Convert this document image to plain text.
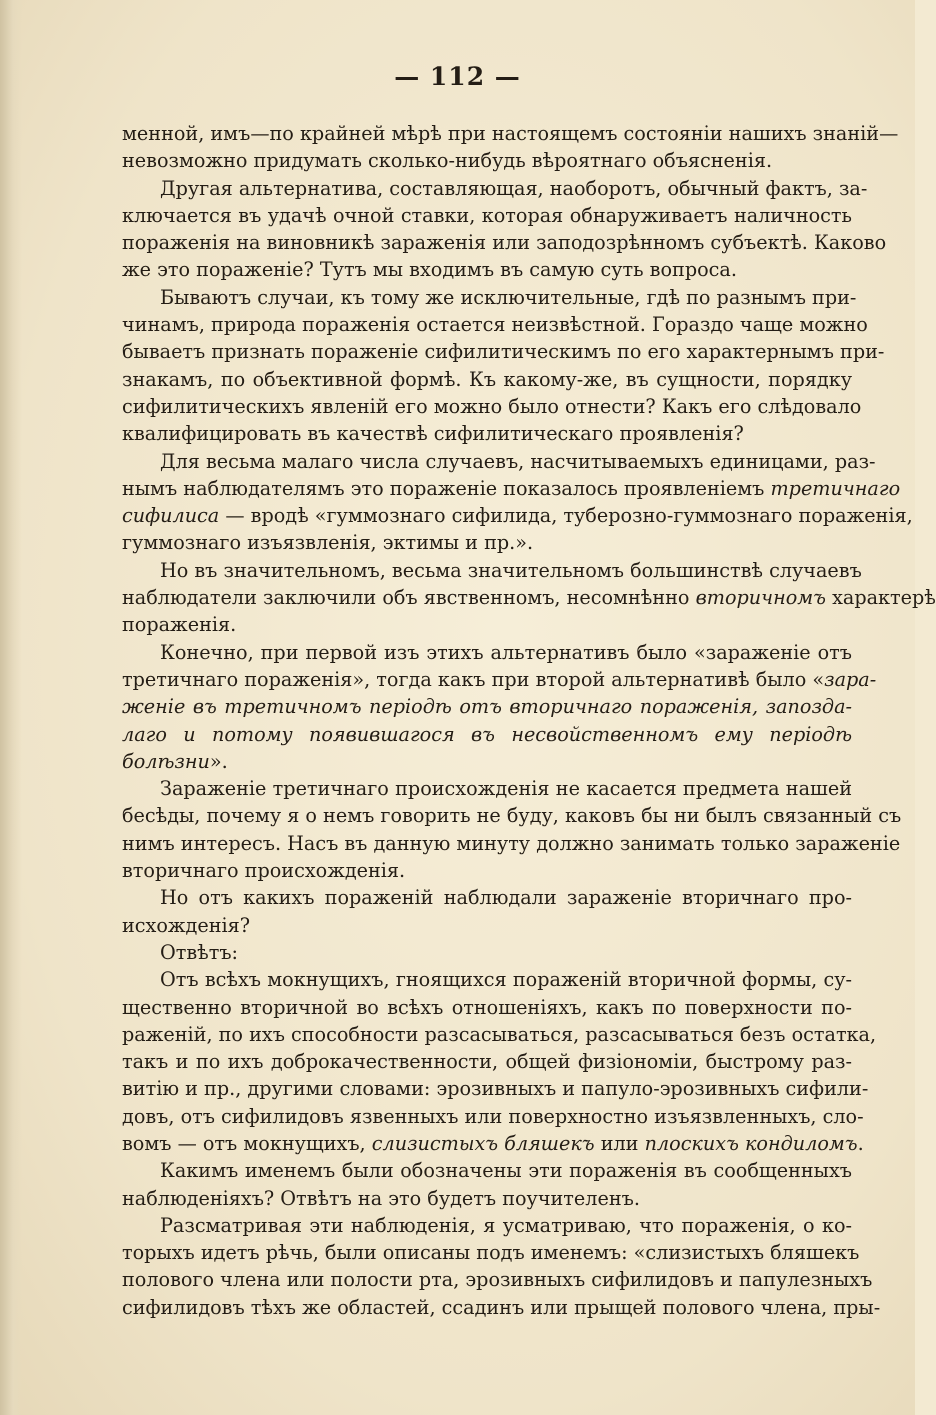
— 112 —
менной, имъ—по крайней мѣрѣ при настоящемъ состояніи нашихъ знаній—
невозможно придумать сколько-нибудь вѣроятнаго объясненія.
Другая альтернатива, составляющая, наоборотъ, обычный фактъ, за-
ключается въ удачѣ очной ставки, которая обнаруживаетъ наличность
пораженія на виновникѣ зараженія или заподозрѣнномъ субъектѣ. Каково
же это пораженіе? Тутъ мы входимъ въ самую суть вопроса.
Бываютъ случаи, къ тому же исключительные, гдѣ по разнымъ при-
чинамъ, природа пораженія остается неизвѣстной. Гораздо чаще можно
бываетъ признать пораженіе сифилитическимъ по его характернымъ при-
знакамъ, по объективной формѣ. Къ какому-же, въ сущности, порядку
сифилитическихъ явленій его можно было отнести? Какъ его слѣдовало
квалифицировать въ качествѣ сифилитическаго проявленія?
Для весьма малаго числа случаевъ, насчитываемыхъ единицами, раз-
нымъ наблюдателямъ это пораженіе показалось проявленіемъ третичнаго
сифилиса — вродѣ «гуммознаго сифилида, туберозно-гуммознаго пораженія,
гуммознаго изъязвленія, эктимы и пр.».
Но въ значительномъ, весьма значительномъ большинствѣ случаевъ
наблюдатели заключили объ явственномъ, несомнѣнно вторичномъ характерѣ
пораженія.
Конечно, при первой изъ этихъ альтернативъ было «зараженіе отъ
третичнаго пораженія», тогда какъ при второй альтернативѣ было «зара-
женіе въ третичномъ періодѣ отъ вторичнаго пораженія, запозда-
лаго и потому появившагося въ несвойственномъ ему періодѣ
болѣзни».
Зараженіе третичнаго происхожденія не касается предмета нашей
бесѣды, почему я о немъ говорить не буду, каковъ бы ни былъ связанный съ
нимъ интересъ. Насъ въ данную минуту должно занимать только зараженіе
вторичнаго происхожденія.
Но отъ какихъ пораженій наблюдали зараженіе вторичнаго про-
исхожденія?
Отвѣтъ:
Отъ всѣхъ мокнущихъ, гноящихся пораженій вторичной формы, су-
щественно вторичной во всѣхъ отношеніяхъ, какъ по поверхности по-
раженій, по ихъ способности разсасываться, разсасываться безъ остатка,
такъ и по ихъ доброкачественности, общей физіономіи, быстрому раз-
витію и пр., другими словами: эрозивныхъ и папуло-эрозивныхъ сифили-
довъ, отъ сифилидовъ язвенныхъ или поверхностно изъязвленныхъ, сло-
вомъ — отъ мокнущихъ, слизистыхъ бляшекъ или плоскихъ кондиломъ.
Какимъ именемъ были обозначены эти пораженія въ сообщенныхъ
наблюденіяхъ? Отвѣтъ на это будетъ поучителенъ.
Разсматривая эти наблюденія, я усматриваю, что пораженія, о ко-
торыхъ идетъ рѣчь, были описаны подъ именемъ: «слизистыхъ бляшекъ
полового члена или полости рта, эрозивныхъ сифилидовъ и папулезныхъ
сифилидовъ тѣхъ же областей, ссадинъ или прыщей полового члена, пры-
